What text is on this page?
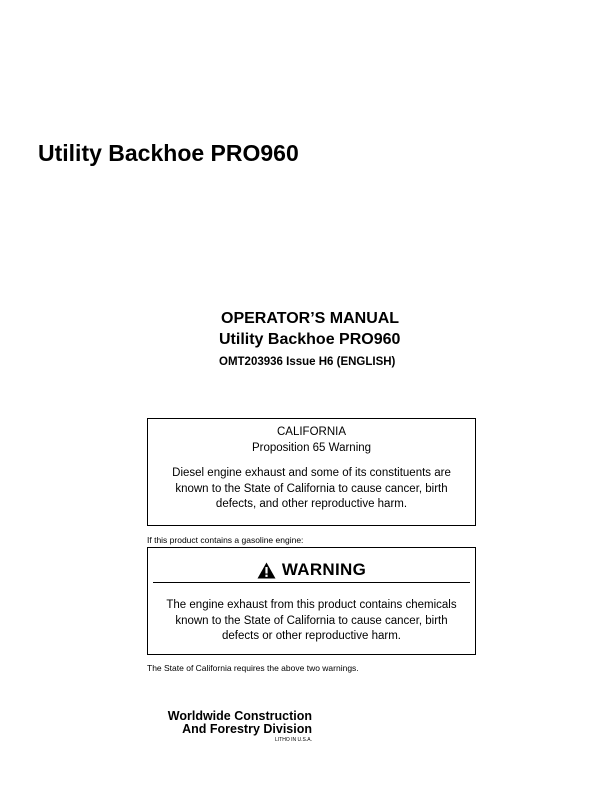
Utility Backhoe PRO960
OPERATOR’S MANUAL
Utility Backhoe PRO960
OMT203936 Issue H6 (ENGLISH)
CALIFORNIA
Proposition 65 Warning
Diesel engine exhaust and some of its constituents are
known to the State of California to cause cancer, birth
defects, and other reproductive harm.
If this product contains a gasoline engine:
WARNING
The engine exhaust from this product contains chemicals
known to the State of California to cause cancer, birth
defects or other reproductive harm.
The State of California requires the above two warnings.
Worldwide Construction
And Forestry Division
LITHO IN U.S.A.
